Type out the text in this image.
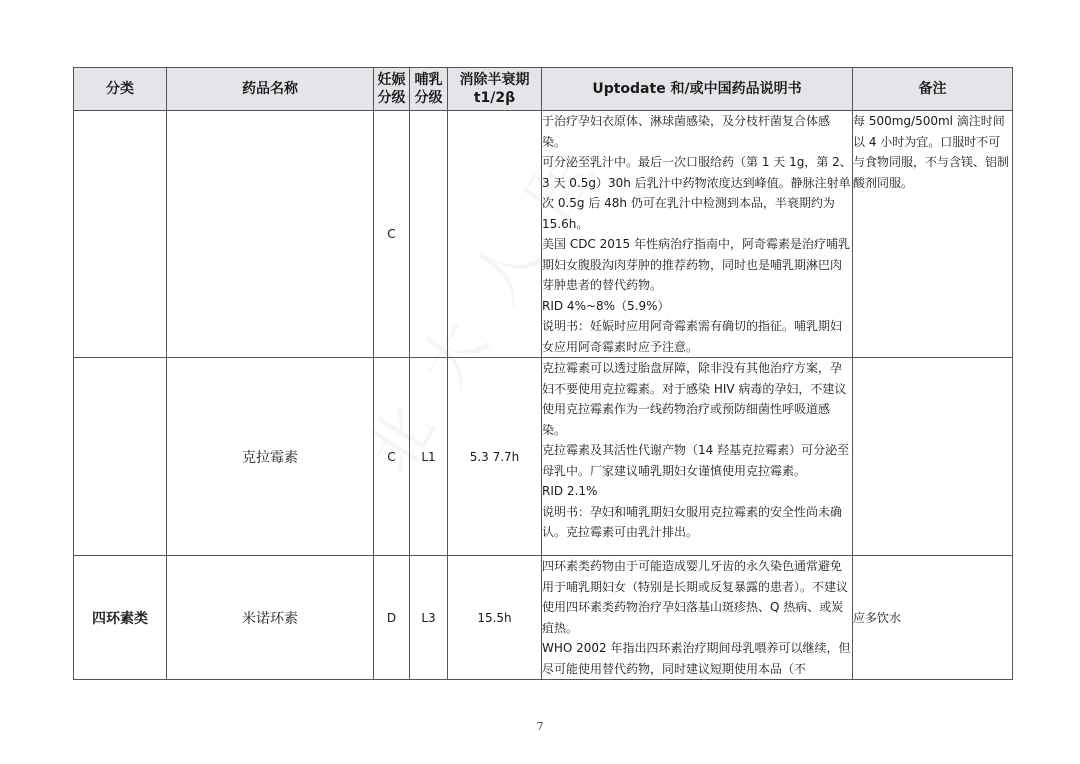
分类	药品名称	妊娠分级	哺乳分级	消除半衰期 t1/2β	Uptodate 和/或中国药品说明书	备注
		C			于治疗孕妇衣原体、淋球菌感染，及分枝杆菌复合体感染。
可分泌至乳汁中。最后一次口服给药（第 1 天 1g，第 2、3 天 0.5g）30h 后乳汁中药物浓度达到峰值。静脉注射单次 0.5g 后 48h 仍可在乳汁中检测到本品，半衰期约为 15.6h。
美国 CDC 2015 年性病治疗指南中，阿奇霉素是治疗哺乳期妇女腹股沟肉芽肿的推荐药物，同时也是哺乳期淋巴肉芽肿患者的替代药物。
RID 4%~8%（5.9%）
说明书：妊娠时应用阿奇霉素需有确切的指征。哺乳期妇女应用阿奇霉素时应予注意。	每 500mg/500ml 滴注时间以 4 小时为宜。口服时不可与食物同服，不与含镁、铝制酸剂同服。
	克拉霉素	C	L1	5.3 7.7h	克拉霉素可以透过胎盘屏障，除非没有其他治疗方案，孕妇不要使用克拉霉素。对于感染 HIV 病毒的孕妇，不建议使用克拉霉素作为一线药物治疗或预防细菌性呼吸道感染。
克拉霉素及其活性代谢产物（14 羟基克拉霉素）可分泌至母乳中。厂家建议哺乳期妇女谨慎使用克拉霉素。
RID 2.1%
说明书：孕妇和哺乳期妇女服用克拉霉素的安全性尚未确认。克拉霉素可由乳汁排出。	

四环素类	米诺环素	D	L3	15.5h	四环素类药物由于可能造成婴儿牙齿的永久染色通常避免用于哺乳期妇女（特别是长期或反复暴露的患者）。不建议使用四环素类药物治疗孕妇落基山斑疹热、Q 热病、或炭疽热。
WHO 2002 年指出四环素治疗期间母乳喂养可以继续，但尽可能使用替代药物，同时建议短期使用本品（不	应多饮水
7
